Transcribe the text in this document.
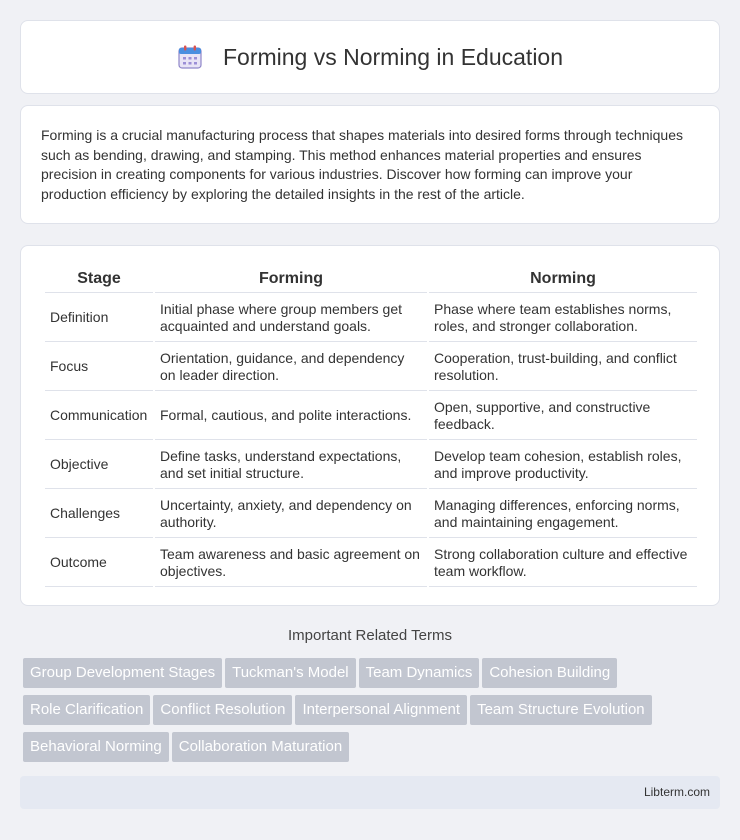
Forming vs Norming in Education

Forming is a crucial manufacturing process that shapes materials into desired forms through techniques such as bending, drawing, and stamping. This method enhances material properties and ensures precision in creating components for various industries. Discover how forming can improve your production efficiency by exploring the detailed insights in the rest of the article.

Stage	Forming	Norming
Definition	Initial phase where group members get acquainted and understand goals.	Phase where team establishes norms, roles, and stronger collaboration.
Focus	Orientation, guidance, and dependency on leader direction.	Cooperation, trust-building, and conflict resolution.
Communication	Formal, cautious, and polite interactions.	Open, supportive, and constructive feedback.
Objective	Define tasks, understand expectations, and set initial structure.	Develop team cohesion, establish roles, and improve productivity.
Challenges	Uncertainty, anxiety, and dependency on authority.	Managing differences, enforcing norms, and maintaining engagement.
Outcome	Team awareness and basic agreement on objectives.	Strong collaboration culture and effective team workflow.
Important Related Terms
Group Development Stages Tuckman's Model Team Dynamics Cohesion Building
Role Clarification Conflict Resolution Interpersonal Alignment Team Structure Evolution
Behavioral Norming Collaboration Maturation
Libterm.com
